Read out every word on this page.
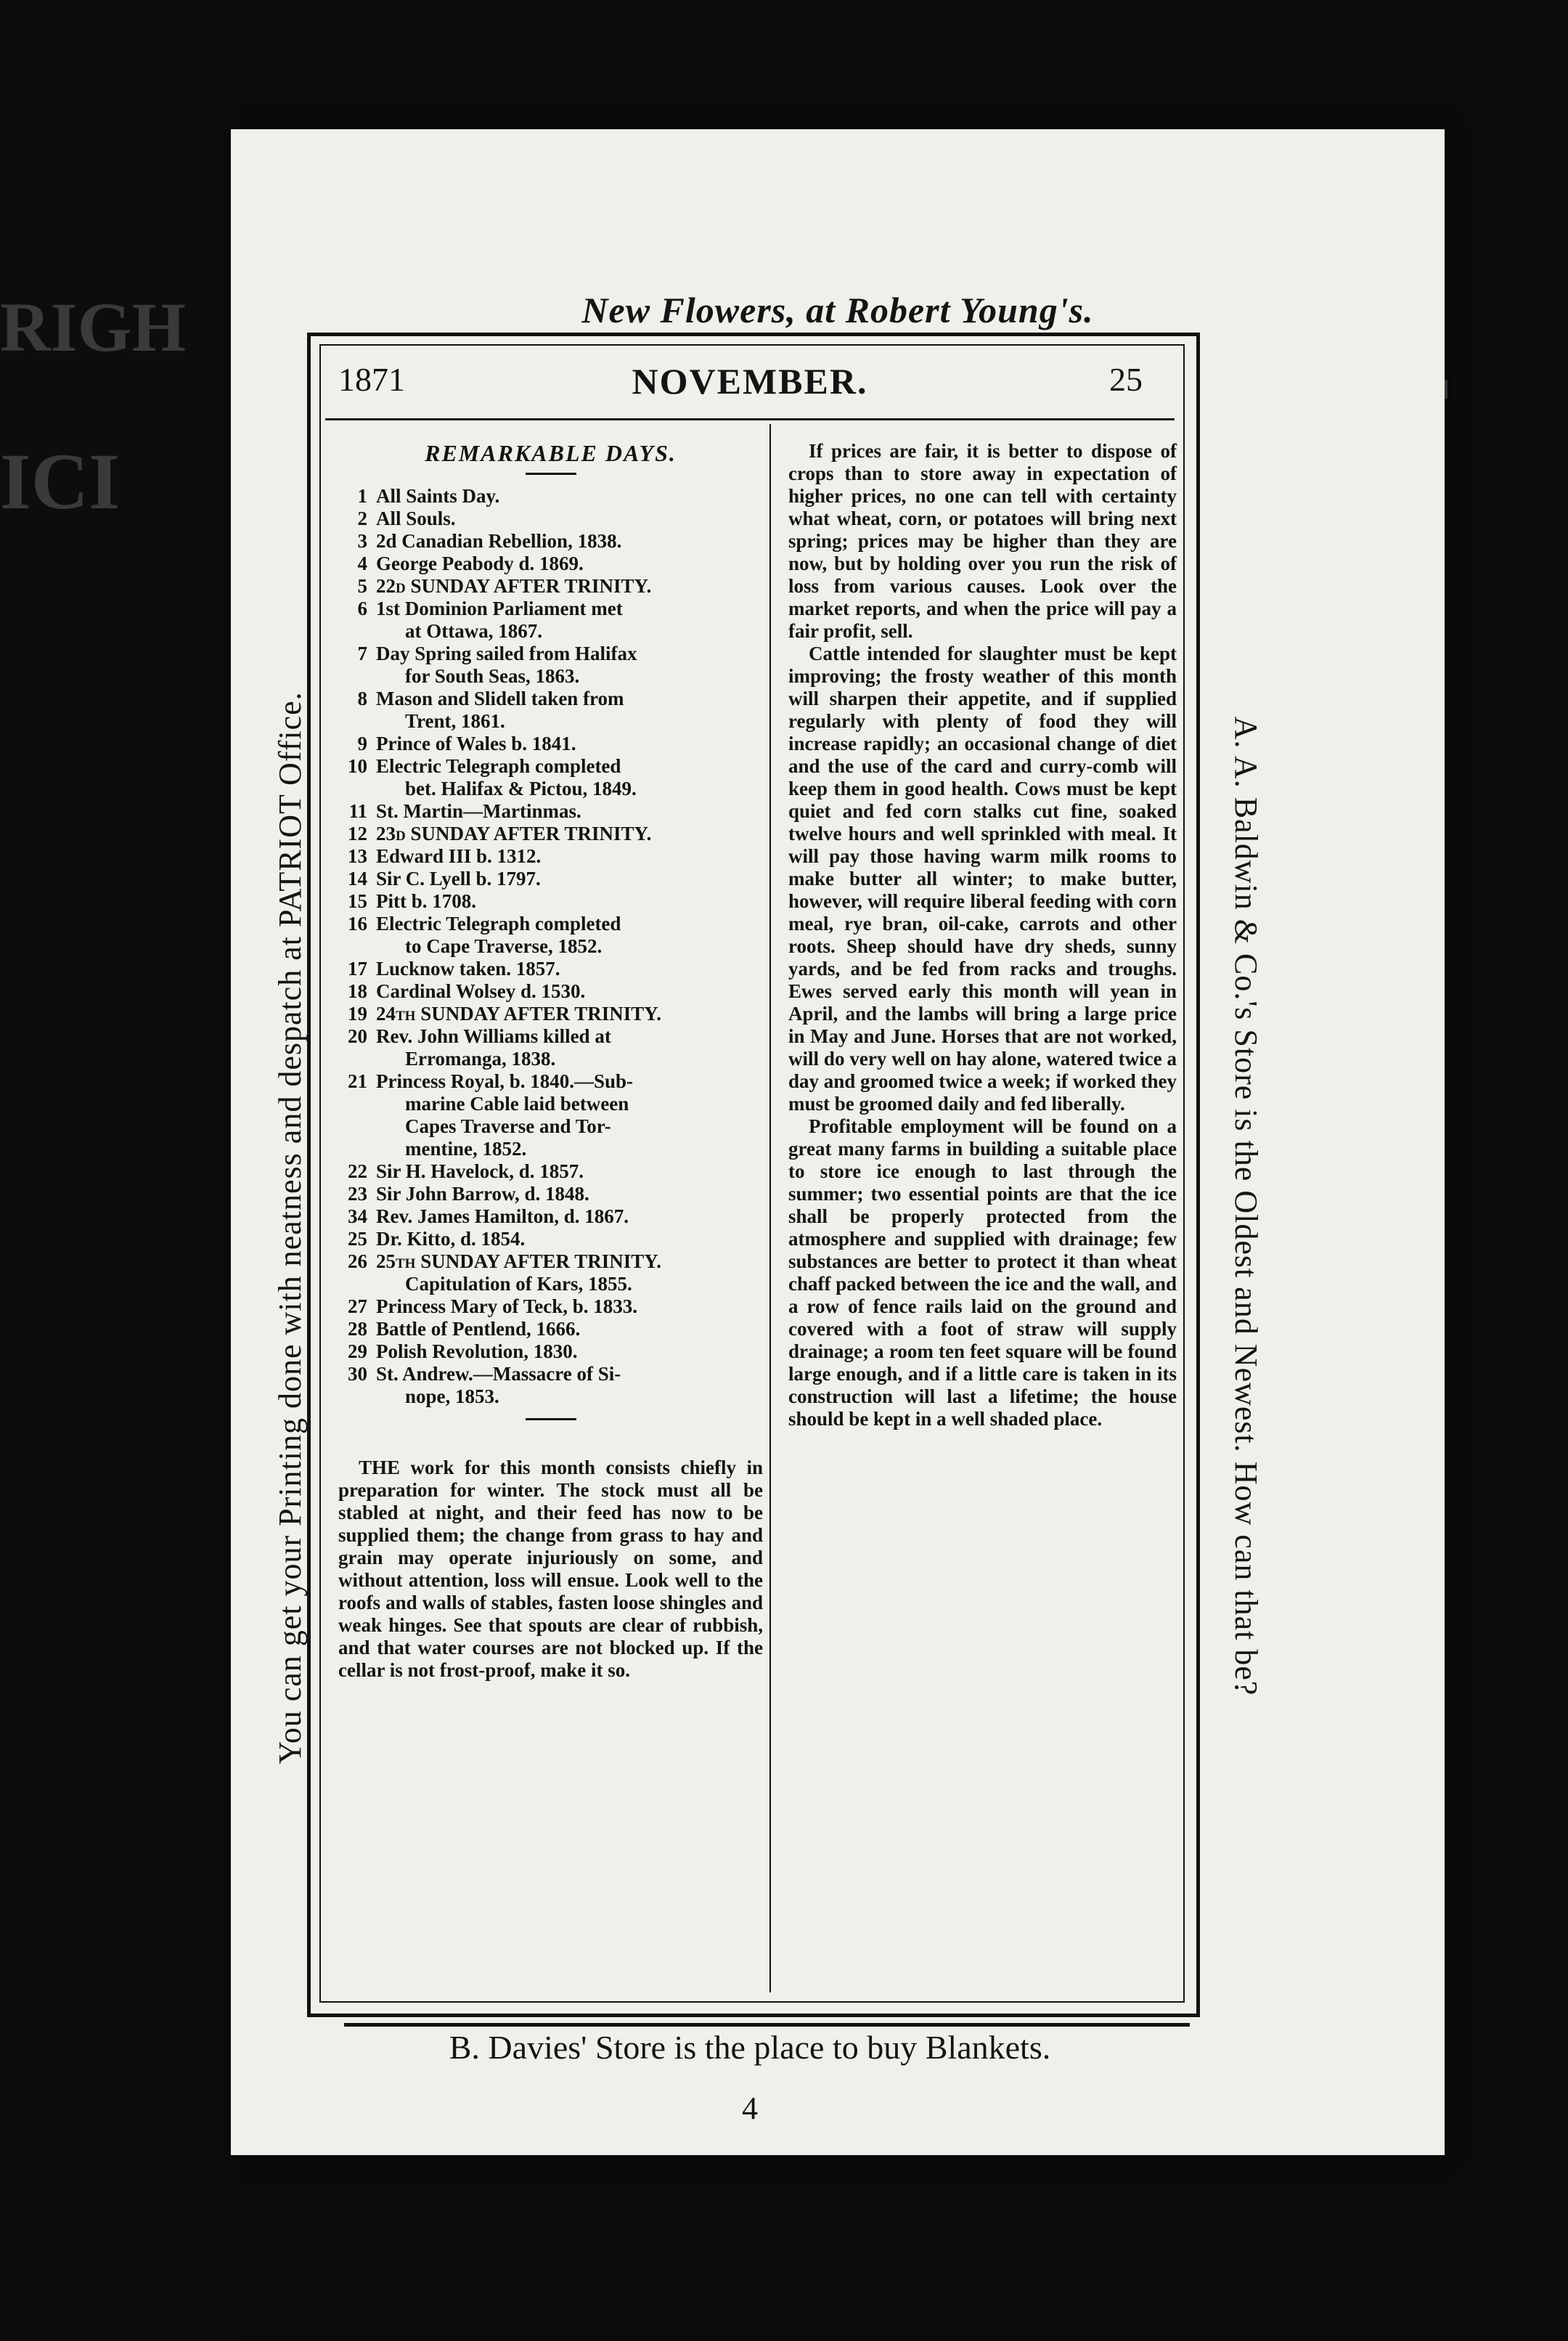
RIGH
ICI
New Flowers, at Robert Young's.
1871	NOVEMBER.	25
REMARKABLE DAYS.
1 All Saints Day.
2 All Souls.
3 2d Canadian Rebellion, 1838.
4 George Peabody d. 1869.
5 22d SUNDAY AFTER TRINITY.
6 1st Dominion Parliament met

at Ottawa, 1867.
7 Day Spring sailed from Halifax

for South Seas, 1863.
8 Mason and Slidell taken from

Trent, 1861.
9 Prince of Wales b. 1841.
10 Electric Telegraph completed

bet. Halifax & Pictou, 1849.
11 St. Martin—Martinmas.
12 23d SUNDAY AFTER TRINITY.
13 Edward III b. 1312.
14 Sir C. Lyell b. 1797.
15 Pitt b. 1708.
16 Electric Telegraph completed

to Cape Traverse, 1852.
17 Lucknow taken. 1857.
18 Cardinal Wolsey d. 1530.
19 24th SUNDAY AFTER TRINITY.
20 Rev. John Williams killed at

Erromanga, 1838.
21 Princess Royal, b. 1840.—Sub-

marine Cable laid between
Capes Traverse and Tor-
mentine, 1852.
22 Sir H. Havelock, d. 1857.
23 Sir John Barrow, d. 1848.
34 Rev. James Hamilton, d. 1867.
25 Dr. Kitto, d. 1854.
26 25th SUNDAY AFTER TRINITY.

Capitulation of Kars, 1855.
27 Princess Mary of Teck, b. 1833.
28 Battle of Pentlend, 1666.
29 Polish Revolution, 1830.
30 St. Andrew.—Massacre of Si-

nope, 1853.

THE work for this month consists chiefly in preparation for winter. The stock must all be stabled at night, and their feed has now to be supplied them; the change from grass to hay and grain may operate injuriously on some, and without attention, loss will ensue. Look well to the roofs and walls of stables, fasten loose shingles and weak hinges. See that spouts are clear of rubbish, and that water courses are not blocked up. If the cellar is not frost-proof, make it so.

If prices are fair, it is better to dispose of crops than to store away in expectation of higher prices, no one can tell with certainty what wheat, corn, or potatoes will bring next spring; prices may be higher than they are now, but by holding over you run the risk of loss from various causes. Look over the market reports, and when the price will pay a fair profit, sell.

Cattle intended for slaughter must be kept improving; the frosty weather of this month will sharpen their appetite, and if supplied regularly with plenty of food they will increase rapidly; an occasional change of diet and the use of the card and curry-comb will keep them in good health. Cows must be kept quiet and fed corn stalks cut fine, soaked twelve hours and well sprinkled with meal. It will pay those having warm milk rooms to make butter all winter; to make butter, however, will require liberal feeding with corn meal, rye bran, oil-cake, carrots and other roots. Sheep should have dry sheds, sunny yards, and be fed from racks and troughs. Ewes served early this month will yean in April, and the lambs will bring a large price in May and June. Horses that are not worked, will do very well on hay alone, watered twice a day and groomed twice a week; if worked they must be groomed daily and fed liberally.

Profitable employment will be found on a great many farms in building a suitable place to store ice enough to last through the summer; two essential points are that the ice shall be properly protected from the atmosphere and supplied with drainage; few substances are better to protect it than wheat chaff packed between the ice and the wall, and a row of fence rails laid on the ground and covered with a foot of straw will supply drainage; a room ten feet square will be found large enough, and if a little care is taken in its construction will last a lifetime; the house should be kept in a well shaded place.

B. Davies' Store is the place to buy Blankets.
4
You can get your Printing done with neatness and despatch at PATRIOT Office.	A. A. Baldwin & Co.'s Store is the Oldest and Newest. How can that be?
